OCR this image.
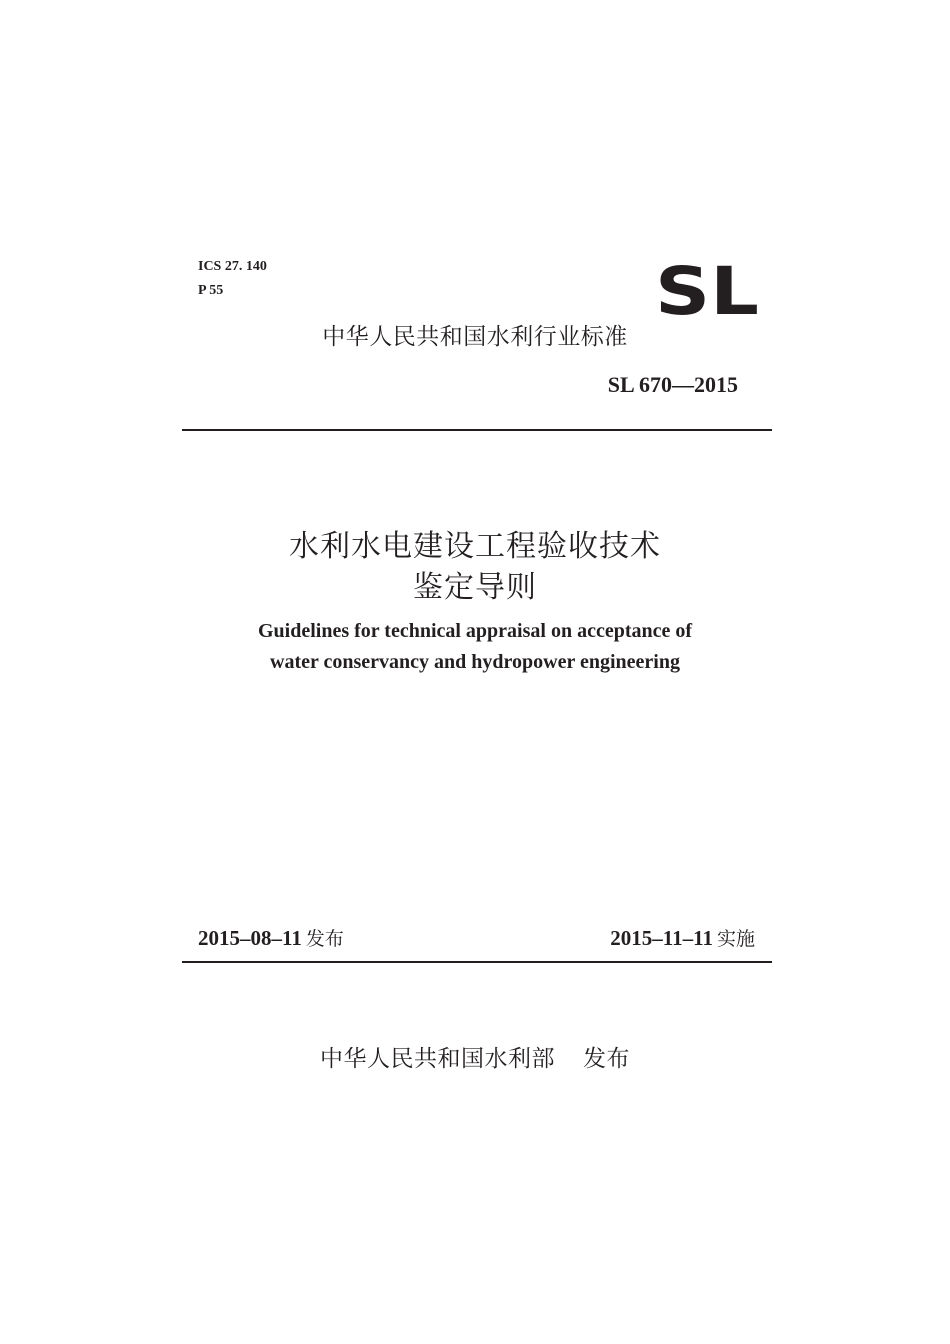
ICS 27. 140
P 55	SL
中华人民共和国水利行业标准
SL 670—2015
水利水电建设工程验收技术
鉴定导则
Guidelines for technical appraisal on acceptance of
water conservancy and hydropower engineering
2015–08–11 发布	2015–11–11 实施
中华人民共和国水利部 发布
